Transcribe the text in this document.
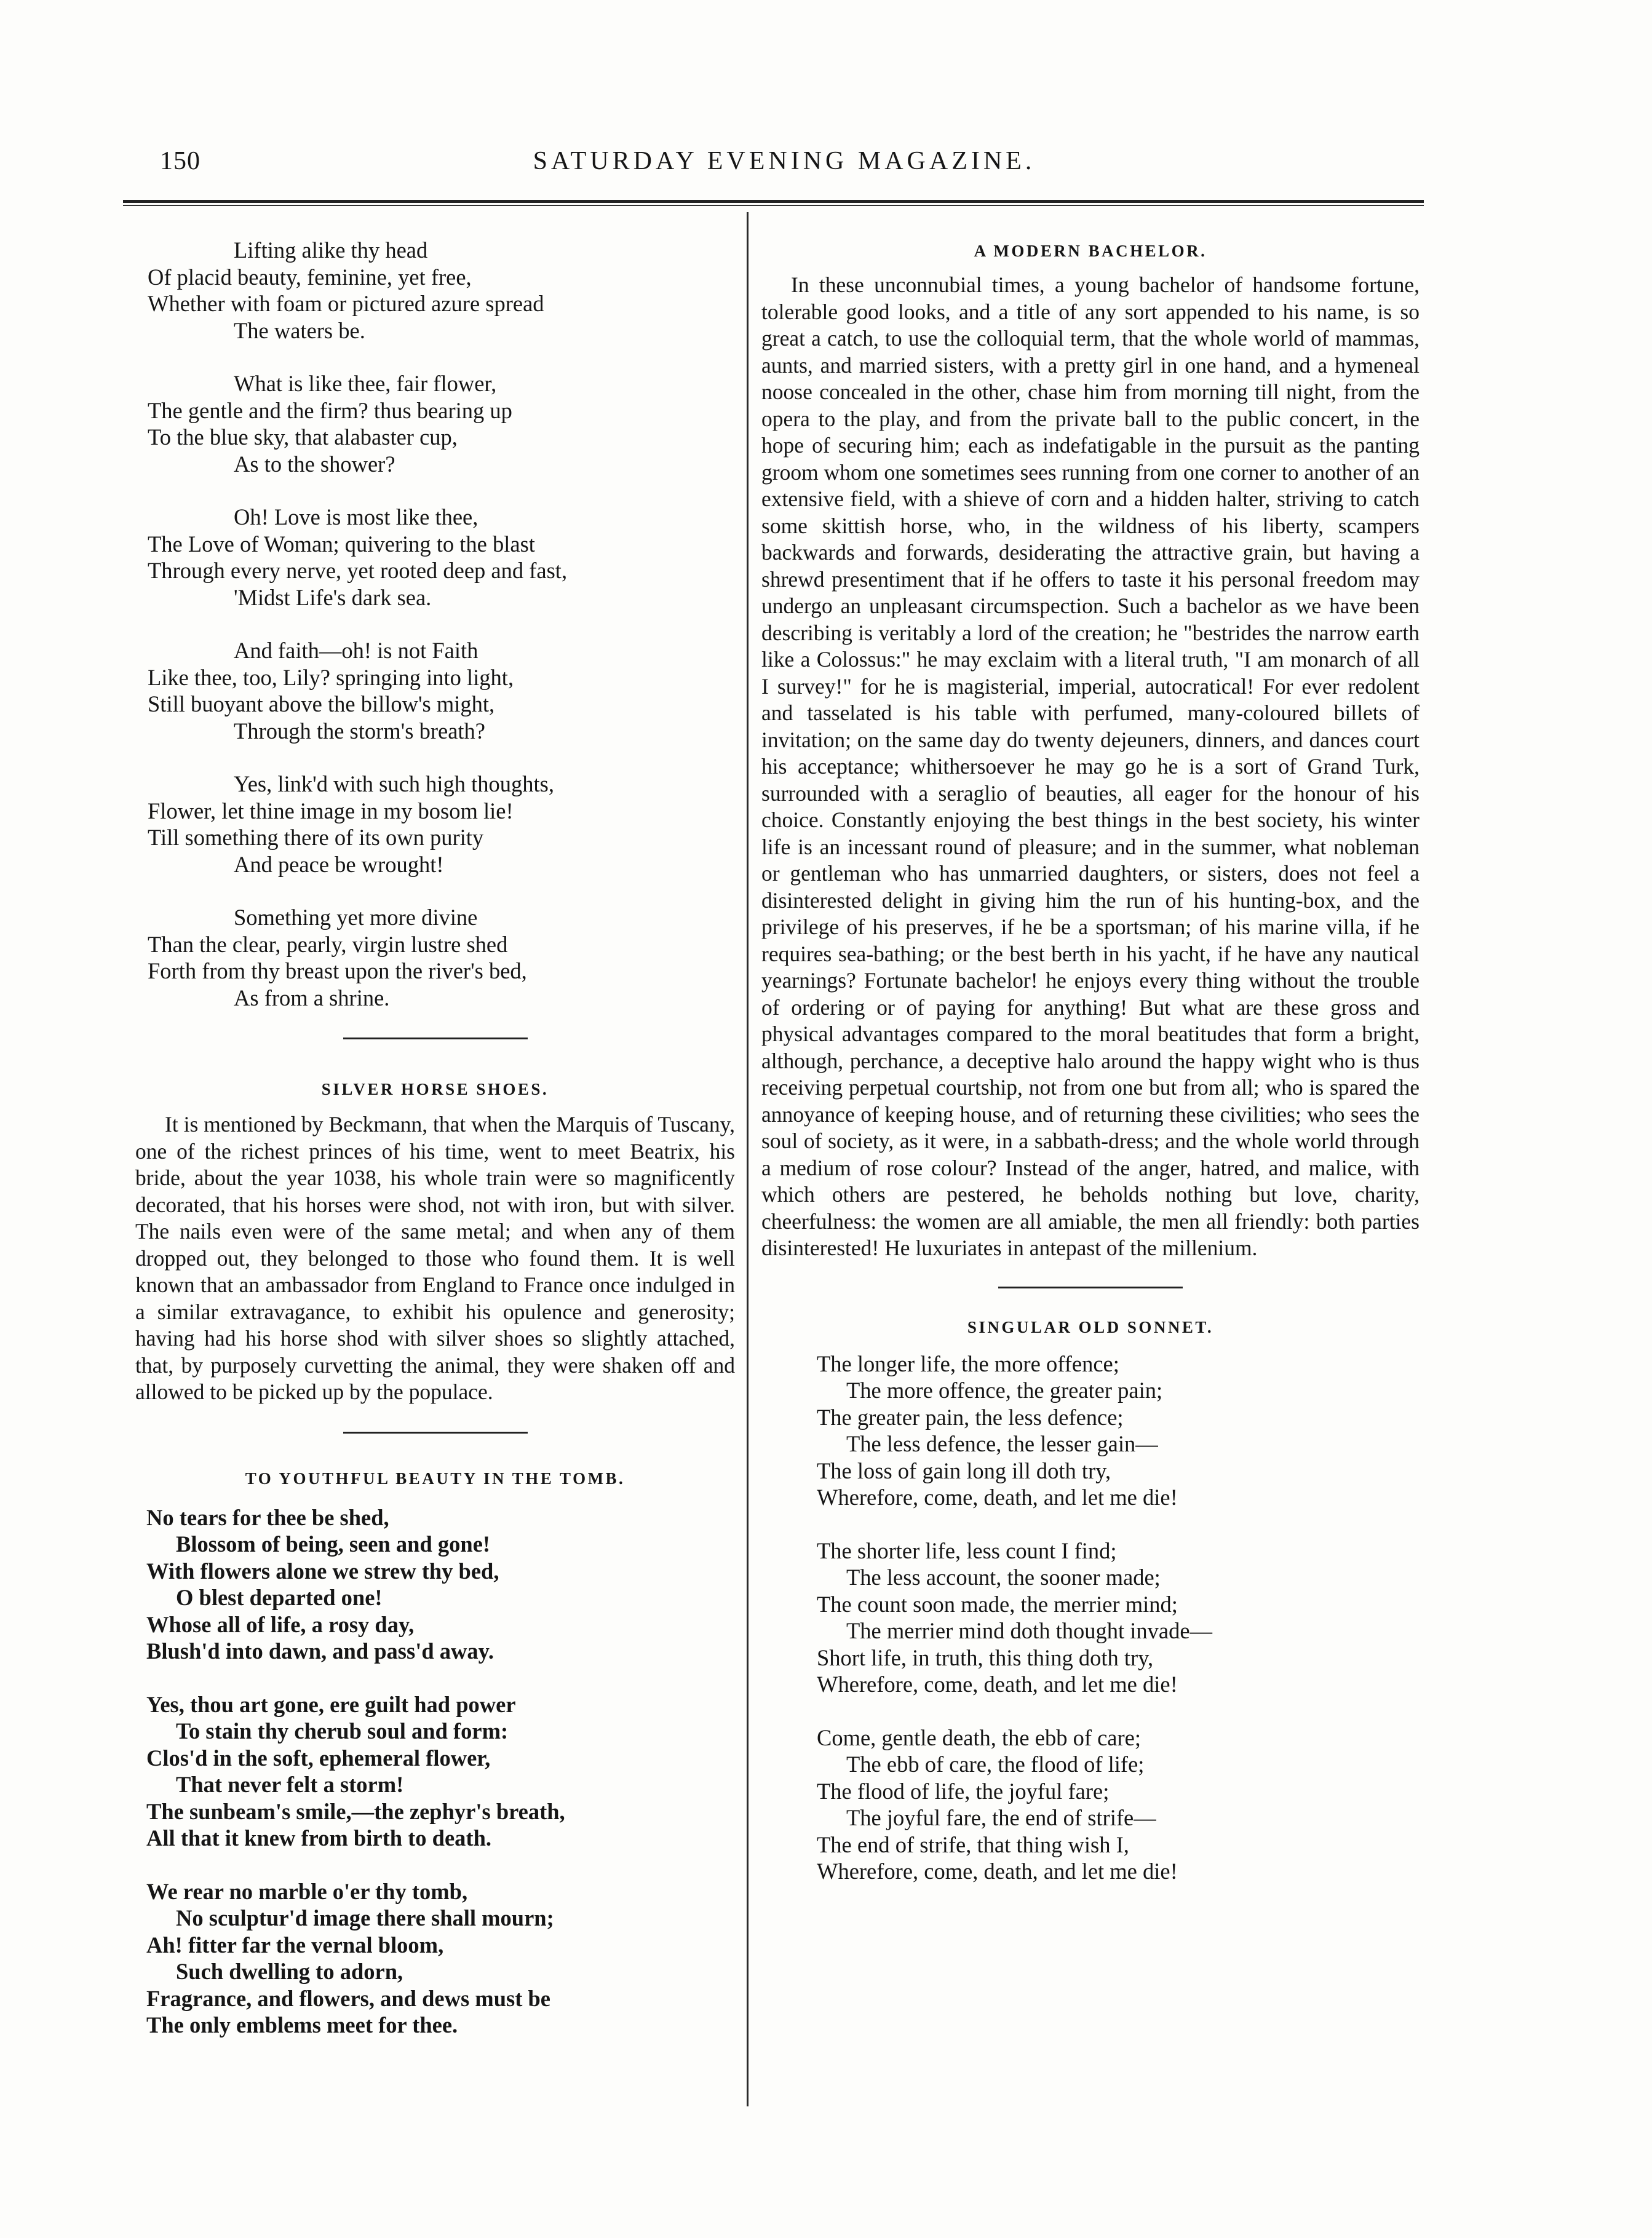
150	SATURDAY EVENING MAGAZINE.
Lifting alike thy head
Of placid beauty, feminine, yet free,
Whether with foam or pictured azure spread
The waters be.
What is like thee, fair flower,
The gentle and the firm? thus bearing up
To the blue sky, that alabaster cup,
As to the shower?
Oh! Love is most like thee,
The Love of Woman; quivering to the blast
Through every nerve, yet rooted deep and fast,
'Midst Life's dark sea.
And faith—oh! is not Faith
Like thee, too, Lily? springing into light,
Still buoyant above the billow's might,
Through the storm's breath?
Yes, link'd with such high thoughts,
Flower, let thine image in my bosom lie!
Till something there of its own purity
And peace be wrought!
Something yet more divine
Than the clear, pearly, virgin lustre shed
Forth from thy breast upon the river's bed,
As from a shrine.
SILVER HORSE SHOES.
It is mentioned by Beckmann, that when the Marquis of Tuscany, one of the richest princes of his time, went to meet Beatrix, his bride, about the year 1038, his whole train were so magnificently decorated, that his horses were shod, not with iron, but with silver. The nails even were of the same metal; and when any of them dropped out, they belonged to those who found them. It is well known that an ambassador from England to France once indulged in a similar extravagance, to exhibit his opulence and generosity; having had his horse shod with silver shoes so slightly attached, that, by purposely curvetting the animal, they were shaken off and allowed to be picked up by the populace.
TO YOUTHFUL BEAUTY IN THE TOMB.
No tears for thee be shed,
Blossom of being, seen and gone!
With flowers alone we strew thy bed,
O blest departed one!
Whose all of life, a rosy day,
Blush'd into dawn, and pass'd away.
Yes, thou art gone, ere guilt had power
To stain thy cherub soul and form:
Clos'd in the soft, ephemeral flower,
That never felt a storm!
The sunbeam's smile,—the zephyr's breath,
All that it knew from birth to death.
We rear no marble o'er thy tomb,
No sculptur'd image there shall mourn;
Ah! fitter far the vernal bloom,
Such dwelling to adorn,
Fragrance, and flowers, and dews must be
The only emblems meet for thee.
A MODERN BACHELOR.
In these unconnubial times, a young bachelor of handsome fortune, tolerable good looks, and a title of any sort appended to his name, is so great a catch, to use the colloquial term, that the whole world of mammas, aunts, and married sisters, with a pretty girl in one hand, and a hymeneal noose concealed in the other, chase him from morning till night, from the opera to the play, and from the private ball to the public concert, in the hope of securing him; each as indefatigable in the pursuit as the panting groom whom one sometimes sees running from one corner to another of an extensive field, with a shieve of corn and a hidden halter, striving to catch some skittish horse, who, in the wildness of his liberty, scampers backwards and forwards, desiderating the attractive grain, but having a shrewd presentiment that if he offers to taste it his personal freedom may undergo an unpleasant circumspection. Such a bachelor as we have been describing is veritably a lord of the creation; he "bestrides the narrow earth like a Colossus:" he may exclaim with a literal truth, "I am monarch of all I survey!" for he is magisterial, imperial, autocratical! For ever redolent and tasselated is his table with perfumed, many-coloured billets of invitation; on the same day do twenty dejeuners, dinners, and dances court his acceptance; whithersoever he may go he is a sort of Grand Turk, surrounded with a seraglio of beauties, all eager for the honour of his choice. Constantly enjoying the best things in the best society, his winter life is an incessant round of pleasure; and in the summer, what nobleman or gentleman who has unmarried daughters, or sisters, does not feel a disinterested delight in giving him the run of his hunting-box, and the privilege of his preserves, if he be a sportsman; of his marine villa, if he requires sea-bathing; or the best berth in his yacht, if he have any nautical yearnings? Fortunate bachelor! he enjoys every thing without the trouble of ordering or of paying for anything! But what are these gross and physical advantages compared to the moral beatitudes that form a bright, although, perchance, a deceptive halo around the happy wight who is thus receiving perpetual courtship, not from one but from all; who is spared the annoyance of keeping house, and of returning these civilities; who sees the soul of society, as it were, in a sabbath-dress; and the whole world through a medium of rose colour? Instead of the anger, hatred, and malice, with which others are pestered, he beholds nothing but love, charity, cheerfulness: the women are all amiable, the men all friendly: both parties disinterested! He luxuriates in antepast of the millenium.
SINGULAR OLD SONNET.
The longer life, the more offence;
The more offence, the greater pain;
The greater pain, the less defence;
The less defence, the lesser gain—
The loss of gain long ill doth try,
Wherefore, come, death, and let me die!
The shorter life, less count I find;
The less account, the sooner made;
The count soon made, the merrier mind;
The merrier mind doth thought invade—
Short life, in truth, this thing doth try,
Wherefore, come, death, and let me die!
Come, gentle death, the ebb of care;
The ebb of care, the flood of life;
The flood of life, the joyful fare;
The joyful fare, the end of strife—
The end of strife, that thing wish I,
Wherefore, come, death, and let me die!
